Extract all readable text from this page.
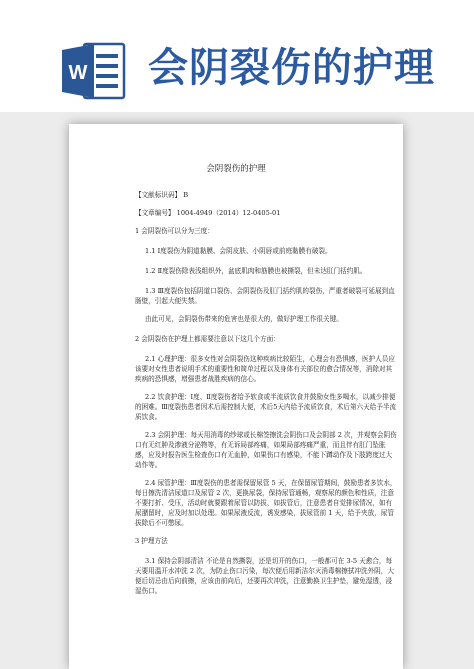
W 会阴裂伤的护理
会阴裂伤的护理
【文献标识码】 B
【文章编号】 1004-4949（2014）12-0405-01
1 会阴裂伤可以分为三度：
1.1 Ⅰ度裂伤为阴道黏膜、会阴皮肤、小阴唇或前庭黏膜有破裂。
1.2 Ⅱ度裂伤除表浅组织外，盆底肌肉和筋膜也被撕裂，但未达肛门括约肌。
1.3 Ⅲ度裂伤包括阴道口裂伤、会阴裂伤及肛门括约肌的裂伤，严重者破裂可延展到直肠壁，引起大便失禁。
由此可见，会阴裂伤带来的危害也是很大的，做好护理工作很关键。
2 会阴裂伤在护理上都需要注意以下这几个方面：
2.1 心理护理：很多女性对会阴裂伤这种疾病比较陌生，心理会有恐惧感，医护人员应该要对女性患者说明手术的重要性和简单过程以及身体有关部位的愈合情况等，消除对其疾病的恐惧感，增强患者战胜疾病的信心。
2.2 饮食护理：Ⅰ度、Ⅱ度裂伤者给予软食或半流质饮食并鼓励女性多喝水，以减少排便的困难。Ⅲ度裂伤患者因术后需控制大便，术后5天内给予流质饮食，术后第六天给予半流质饮食。
2.3 会阴护理：每天用消毒的纱球或长棉签擦洗会阴伤口及会阴部 2 次，并观察会阴伤口有无红肿及渗液分泌物等，有无诉局部疼痛，如果局部疼痛严重，而且伴有肛门坠胀感，应及时报告医生检查伤口有无血肿，如果伤口有感染，不能下蹲动作及下肢跨度过大动作等。
2.4 尿管护理：Ⅲ度裂伤的患者需保留尿管 5 天，在保留尿管期间，鼓励患者多饮水，每日擦洗清洁尿道口及尿管 2 次，更换尿袋，保持尿管通畅，观察尿的颜色和性质，注意不要打折、受压，活动时就要跟着尿管以防拔，如拔管后，注意患者自觉排尿情况，如有尿潴留时，应及时加以处理。如果尿液反流，诱发感染，拔尿管前 1 天，给予夹放，尿管拔除后不可憋尿。
3 护理方法
3.1 保持会阴部清洁 不论是自然撕裂，还是切开的伤口，一般都可在 3-5 天愈合，每天要用温开水冲洗 2 次，为防止伤口污染，每次便后用新洁尔灭消毒棉擦拭冲洗外阴，大便后切忌由后向前擦，应该由前向后，还要再次冲洗，注意勤换卫生护垫，避免湿透，浸湿伤口。
